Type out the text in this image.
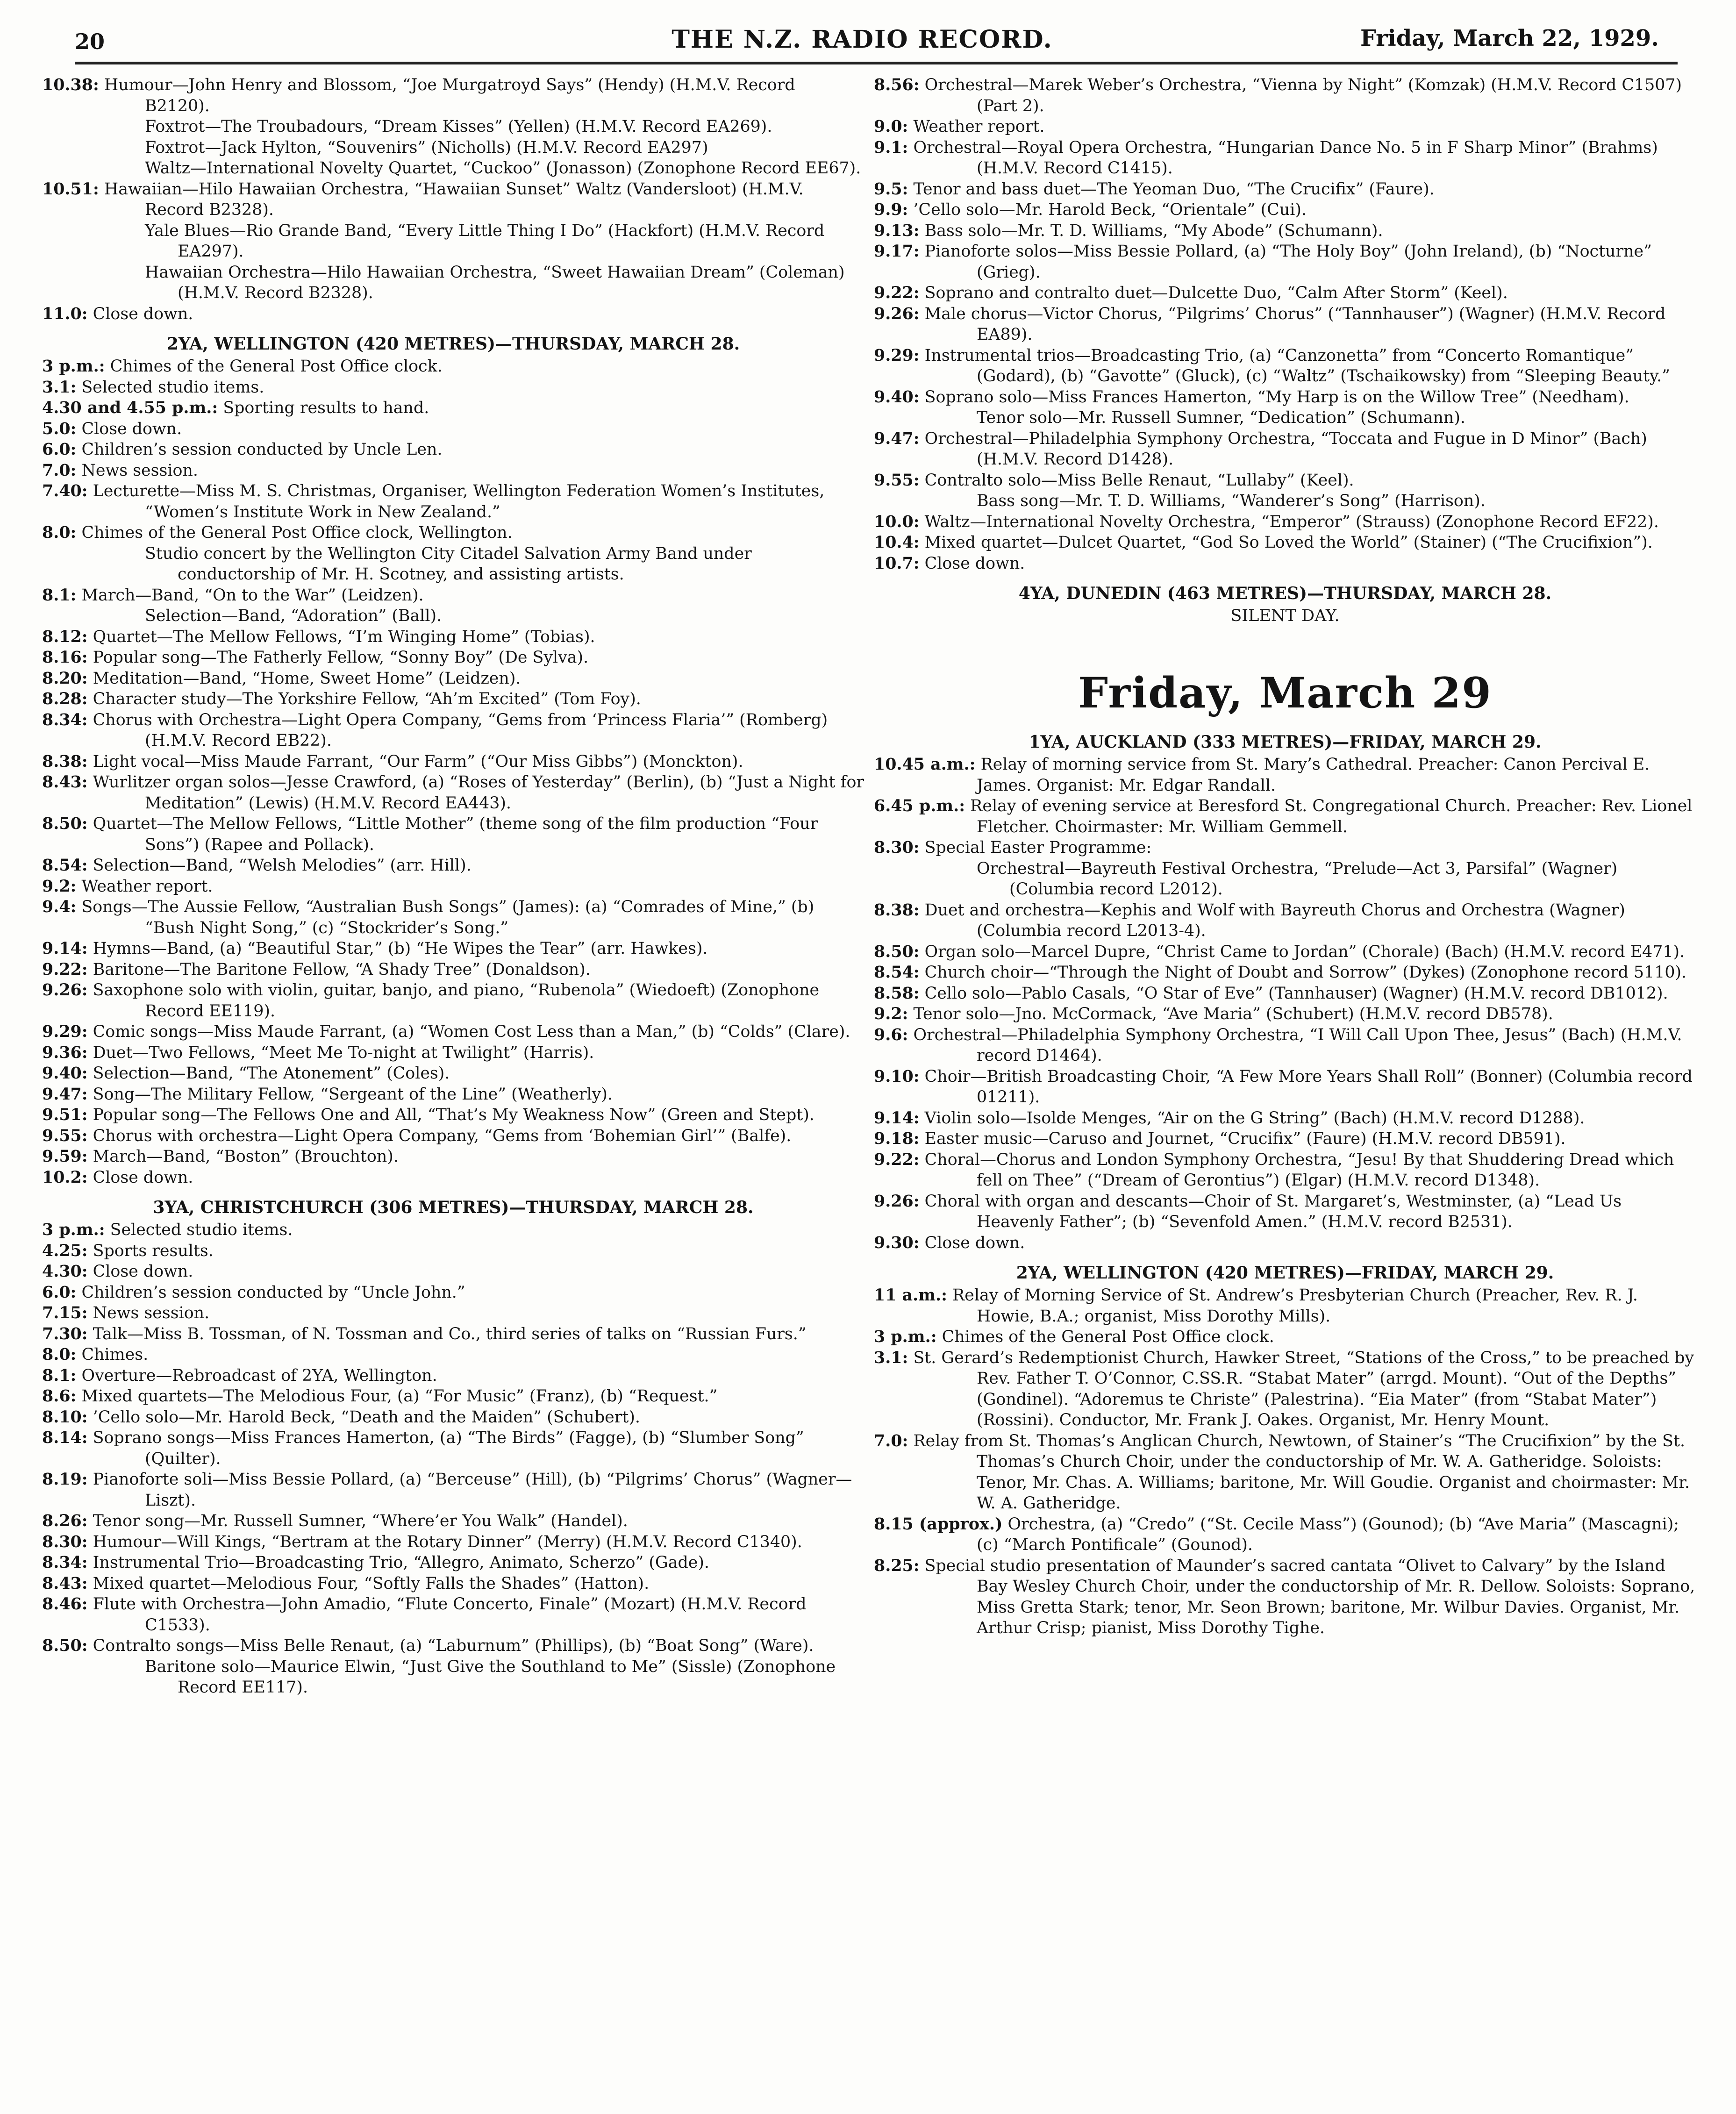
20	THE N.Z. RADIO RECORD.	Friday, March 22, 1929.

10.38: Humour—John Henry and Blossom, “Joe Murgatroyd Says” (Hendy) (H.M.V. Record B2120).

Foxtrot—The Troubadours, “Dream Kisses” (Yellen) (H.M.V. Record EA269).

Foxtrot—Jack Hylton, “Souvenirs” (Nicholls) (H.M.V. Record EA297)

Waltz—International Novelty Quartet, “Cuckoo” (Jonasson) (Zonophone Record EE67).

10.51: Hawaiian—Hilo Hawaiian Orchestra, “Hawaiian Sunset” Waltz (Vandersloot) (H.M.V. Record B2328).

Yale Blues—Rio Grande Band, “Every Little Thing I Do” (Hackfort) (H.M.V. Record EA297).

Hawaiian Orchestra—Hilo Hawaiian Orchestra, “Sweet Hawaiian Dream” (Coleman) (H.M.V. Record B2328).

11.0: Close down.

2YA, WELLINGTON (420 METRES)—THURSDAY, MARCH 28.

3 p.m.: Chimes of the General Post Office clock.

3.1: Selected studio items.

4.30 and 4.55 p.m.: Sporting results to hand.

5.0: Close down.

6.0: Children’s session conducted by Uncle Len.

7.0: News session.

7.40: Lecturette—Miss M. S. Christmas, Organiser, Wellington Federation Women’s Institutes, “Women’s Institute Work in New Zealand.”

8.0: Chimes of the General Post Office clock, Wellington.

Studio concert by the Wellington City Citadel Salvation Army Band under conductorship of Mr. H. Scotney, and assisting artists.

8.1: March—Band, “On to the War” (Leidzen).

Selection—Band, “Adoration” (Ball).

8.12: Quartet—The Mellow Fellows, “I’m Winging Home” (Tobias).

8.16: Popular song—The Fatherly Fellow, “Sonny Boy” (De Sylva).

8.20: Meditation—Band, “Home, Sweet Home” (Leidzen).

8.28: Character study—The Yorkshire Fellow, “Ah’m Excited” (Tom Foy).

8.34: Chorus with Orchestra—Light Opera Company, “Gems from ‘Princess Flaria’” (Romberg) (H.M.V. Record EB22).

8.38: Light vocal—Miss Maude Farrant, “Our Farm” (“Our Miss Gibbs”) (Monckton).

8.43: Wurlitzer organ solos—Jesse Crawford, (a) “Roses of Yesterday” (Berlin), (b) “Just a Night for Meditation” (Lewis) (H.M.V. Record EA443).

8.50: Quartet—The Mellow Fellows, “Little Mother” (theme song of the film production “Four Sons”) (Rapee and Pollack).

8.54: Selection—Band, “Welsh Melodies” (arr. Hill).

9.2: Weather report.

9.4: Songs—The Aussie Fellow, “Australian Bush Songs” (James): (a) “Comrades of Mine,” (b) “Bush Night Song,” (c) “Stockrider’s Song.”

9.14: Hymns—Band, (a) “Beautiful Star,” (b) “He Wipes the Tear” (arr. Hawkes).

9.22: Baritone—The Baritone Fellow, “A Shady Tree” (Donaldson).

9.26: Saxophone solo with violin, guitar, banjo, and piano, “Rubenola” (Wiedoeft) (Zonophone Record EE119).

9.29: Comic songs—Miss Maude Farrant, (a) “Women Cost Less than a Man,” (b) “Colds” (Clare).

9.36: Duet—Two Fellows, “Meet Me To-night at Twilight” (Harris).

9.40: Selection—Band, “The Atonement” (Coles).

9.47: Song—The Military Fellow, “Sergeant of the Line” (Weatherly).

9.51: Popular song—The Fellows One and All, “That’s My Weakness Now” (Green and Stept).

9.55: Chorus with orchestra—Light Opera Company, “Gems from ‘Bohemian Girl’” (Balfe).

9.59: March—Band, “Boston” (Brouchton).

10.2: Close down.

3YA, CHRISTCHURCH (306 METRES)—THURSDAY, MARCH 28.

3 p.m.: Selected studio items.

4.25: Sports results.

4.30: Close down.

6.0: Children’s session conducted by “Uncle John.”

7.15: News session.

7.30: Talk—Miss B. Tossman, of N. Tossman and Co., third series of talks on “Russian Furs.”

8.0: Chimes.

8.1: Overture—Rebroadcast of 2YA, Wellington.

8.6: Mixed quartets—The Melodious Four, (a) “For Music” (Franz), (b) “Request.”

8.10: ’Cello solo—Mr. Harold Beck, “Death and the Maiden” (Schubert).

8.14: Soprano songs—Miss Frances Hamerton, (a) “The Birds” (Fagge), (b) “Slumber Song” (Quilter).

8.19: Pianoforte soli—Miss Bessie Pollard, (a) “Berceuse” (Hill), (b) “Pilgrims’ Chorus” (Wagner—Liszt).

8.26: Tenor song—Mr. Russell Sumner, “Where’er You Walk” (Handel).

8.30: Humour—Will Kings, “Bertram at the Rotary Dinner” (Merry) (H.M.V. Record C1340).

8.34: Instrumental Trio—Broadcasting Trio, “Allegro, Animato, Scherzo” (Gade).

8.43: Mixed quartet—Melodious Four, “Softly Falls the Shades” (Hatton).

8.46: Flute with Orchestra—John Amadio, “Flute Concerto, Finale” (Mozart) (H.M.V. Record C1533).

8.50: Contralto songs—Miss Belle Renaut, (a) “Laburnum” (Phillips), (b) “Boat Song” (Ware).

Baritone solo—Maurice Elwin, “Just Give the Southland to Me” (Sissle) (Zonophone Record EE117).

8.56: Orchestral—Marek Weber’s Orchestra, “Vienna by Night” (Komzak) (H.M.V. Record C1507) (Part 2).

9.0: Weather report.

9.1: Orchestral—Royal Opera Orchestra, “Hungarian Dance No. 5 in F Sharp Minor” (Brahms) (H.M.V. Record C1415).

9.5: Tenor and bass duet—The Yeoman Duo, “The Crucifix” (Faure).

9.9: ’Cello solo—Mr. Harold Beck, “Orientale” (Cui).

9.13: Bass solo—Mr. T. D. Williams, “My Abode” (Schumann).

9.17: Pianoforte solos—Miss Bessie Pollard, (a) “The Holy Boy” (John Ireland), (b) “Nocturne” (Grieg).

9.22: Soprano and contralto duet—Dulcette Duo, “Calm After Storm” (Keel).

9.26: Male chorus—Victor Chorus, “Pilgrims’ Chorus” (“Tannhauser”) (Wagner) (H.M.V. Record EA89).

9.29: Instrumental trios—Broadcasting Trio, (a) “Canzonetta” from “Concerto Romantique” (Godard), (b) “Gavotte” (Gluck), (c) “Waltz” (Tschaikowsky) from “Sleeping Beauty.”

9.40: Soprano solo—Miss Frances Hamerton, “My Harp is on the Willow Tree” (Needham).

Tenor solo—Mr. Russell Sumner, “Dedication” (Schumann).

9.47: Orchestral—Philadelphia Symphony Orchestra, “Toccata and Fugue in D Minor” (Bach) (H.M.V. Record D1428).

9.55: Contralto solo—Miss Belle Renaut, “Lullaby” (Keel).

Bass song—Mr. T. D. Williams, “Wanderer’s Song” (Harrison).

10.0: Waltz—International Novelty Orchestra, “Emperor” (Strauss) (Zonophone Record EF22).

10.4: Mixed quartet—Dulcet Quartet, “God So Loved the World” (Stainer) (“The Crucifixion”).

10.7: Close down.

4YA, DUNEDIN (463 METRES)—THURSDAY, MARCH 28.
SILENT DAY.
Friday, March 29
1YA, AUCKLAND (333 METRES)—FRIDAY, MARCH 29.

10.45 a.m.: Relay of morning service from St. Mary’s Cathedral. Preacher: Canon Percival E. James. Organist: Mr. Edgar Randall.

6.45 p.m.: Relay of evening service at Beresford St. Congregational Church. Preacher: Rev. Lionel Fletcher. Choirmaster: Mr. William Gemmell.

8.30: Special Easter Programme:

Orchestral—Bayreuth Festival Orchestra, “Prelude—Act 3, Parsifal” (Wagner) (Columbia record L2012).

8.38: Duet and orchestra—Kephis and Wolf with Bayreuth Chorus and Orchestra (Wagner) (Columbia record L2013-4).

8.50: Organ solo—Marcel Dupre, “Christ Came to Jordan” (Chorale) (Bach) (H.M.V. record E471).

8.54: Church choir—“Through the Night of Doubt and Sorrow” (Dykes) (Zonophone record 5110).

8.58: Cello solo—Pablo Casals, “O Star of Eve” (Tannhauser) (Wagner) (H.M.V. record DB1012).

9.2: Tenor solo—Jno. McCormack, “Ave Maria” (Schubert) (H.M.V. record DB578).

9.6: Orchestral—Philadelphia Symphony Orchestra, “I Will Call Upon Thee, Jesus” (Bach) (H.M.V. record D1464).

9.10: Choir—British Broadcasting Choir, “A Few More Years Shall Roll” (Bonner) (Columbia record 01211).

9.14: Violin solo—Isolde Menges, “Air on the G String” (Bach) (H.M.V. record D1288).

9.18: Easter music—Caruso and Journet, “Crucifix” (Faure) (H.M.V. record DB591).

9.22: Choral—Chorus and London Symphony Orchestra, “Jesu! By that Shuddering Dread which fell on Thee” (“Dream of Gerontius”) (Elgar) (H.M.V. record D1348).

9.26: Choral with organ and descants—Choir of St. Margaret’s, Westminster, (a) “Lead Us Heavenly Father”; (b) “Sevenfold Amen.” (H.M.V. record B2531).

9.30: Close down.

2YA, WELLINGTON (420 METRES)—FRIDAY, MARCH 29.

11 a.m.: Relay of Morning Service of St. Andrew’s Presbyterian Church (Preacher, Rev. R. J. Howie, B.A.; organist, Miss Dorothy Mills).

3 p.m.: Chimes of the General Post Office clock.

3.1: St. Gerard’s Redemptionist Church, Hawker Street, “Stations of the Cross,” to be preached by Rev. Father T. O’Connor, C.SS.R. “Stabat Mater” (arrgd. Mount). “Out of the Depths” (Gondinel). “Adoremus te Christe” (Palestrina). “Eia Mater” (from “Stabat Mater”) (Rossini). Conductor, Mr. Frank J. Oakes. Organist, Mr. Henry Mount.

7.0: Relay from St. Thomas’s Anglican Church, Newtown, of Stainer’s “The Crucifixion” by the St. Thomas’s Church Choir, under the conductorship of Mr. W. A. Gatheridge. Soloists: Tenor, Mr. Chas. A. Williams; baritone, Mr. Will Goudie. Organist and choirmaster: Mr. W. A. Gatheridge.

8.15 (approx.) Orchestra, (a) “Credo” (“St. Cecile Mass”) (Gounod); (b) “Ave Maria” (Mascagni); (c) “March Pontificale” (Gounod).

8.25: Special studio presentation of Maunder’s sacred cantata “Olivet to Calvary” by the Island Bay Wesley Church Choir, under the conductorship of Mr. R. Dellow. Soloists: Soprano, Miss Gretta Stark; tenor, Mr. Seon Brown; baritone, Mr. Wilbur Davies. Organist, Mr. Arthur Crisp; pianist, Miss Dorothy Tighe.
